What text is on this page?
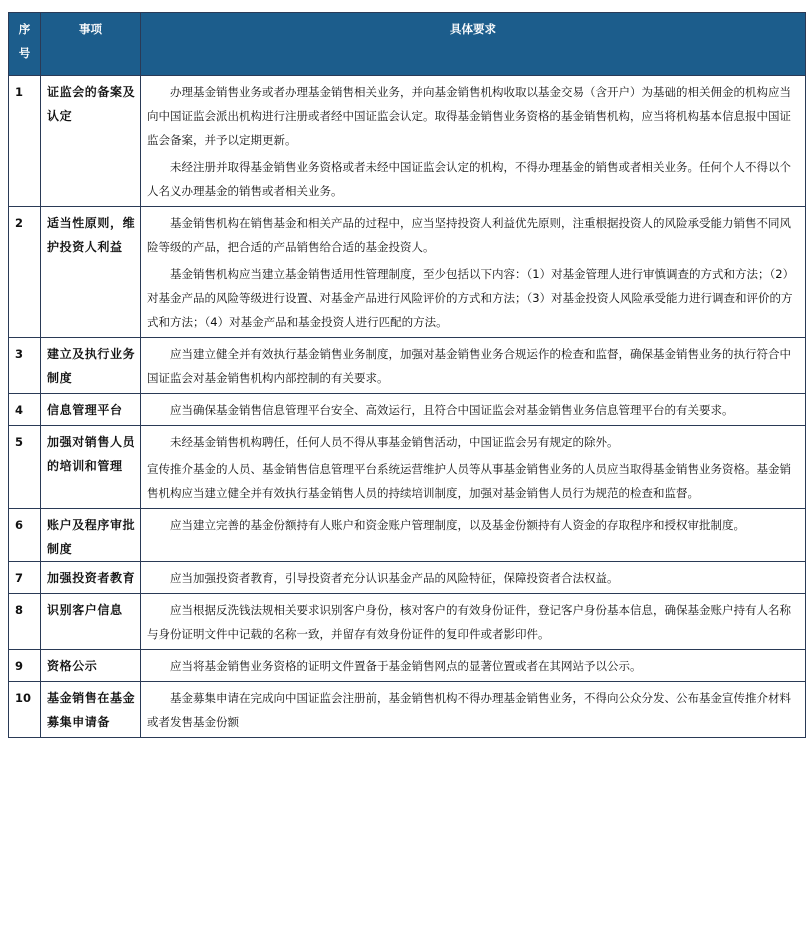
序
号	事项	具体要求
1	证监会的备案及认定	办理基金销售业务或者办理基金销售相关业务，并向基金销售机构收取以基金交易（含开户）为基础的相关佣金的机构应当向中国证监会派出机构进行注册或者经中国证监会认定。取得基金销售业务资格的基金销售机构，应当将机构基本信息报中国证监会备案，并予以定期更新。

未经注册并取得基金销售业务资格或者未经中国证监会认定的机构，不得办理基金的销售或者相关业务。任何个人不得以个人名义办理基金的销售或者相关业务。

2	适当性原则，维护投资人利益	基金销售机构在销售基金和相关产品的过程中，应当坚持投资人利益优先原则，注重根据投资人的风险承受能力销售不同风险等级的产品，把合适的产品销售给合适的基金投资人。

基金销售机构应当建立基金销售适用性管理制度，至少包括以下内容：（1）对基金管理人进行审慎调查的方式和方法；（2）对基金产品的风险等级进行设置、对基金产品进行风险评价的方式和方法；（3）对基金投资人风险承受能力进行调查和评价的方式和方法；（4）对基金产品和基金投资人进行匹配的方法。

3	建立及执行业务制度	应当建立健全并有效执行基金销售业务制度，加强对基金销售业务合规运作的检查和监督，确保基金销售业务的执行符合中国证监会对基金销售机构内部控制的有关要求。

4	信息管理平台	应当确保基金销售信息管理平台安全、高效运行，且符合中国证监会对基金销售业务信息管理平台的有关要求。

5	加强对销售人员的培训和管理	未经基金销售机构聘任，任何人员不得从事基金销售活动，中国证监会另有规定的除外。

宣传推介基金的人员、基金销售信息管理平台系统运营维护人员等从事基金销售业务的人员应当取得基金销售业务资格。基金销售机构应当建立健全并有效执行基金销售人员的持续培训制度，加强对基金销售人员行为规范的检查和监督。

6	账户及程序审批制度	应当建立完善的基金份额持有人账户和资金账户管理制度，以及基金份额持有人资金的存取程序和授权审批制度。

7	加强投资者教育	应当加强投资者教育，引导投资者充分认识基金产品的风险特征，保障投资者合法权益。

8	识别客户信息	应当根据反洗钱法规相关要求识别客户身份，核对客户的有效身份证件，登记客户身份基本信息，确保基金账户持有人名称与身份证明文件中记载的名称一致，并留存有效身份证件的复印件或者影印件。

9	资格公示	应当将基金销售业务资格的证明文件置备于基金销售网点的显著位置或者在其网站予以公示。

10	基金销售在基金募集申请备	基金募集申请在完成向中国证监会注册前，基金销售机构不得办理基金销售业务，不得向公众分发、公布基金宣传推介材料或者发售基金份额
